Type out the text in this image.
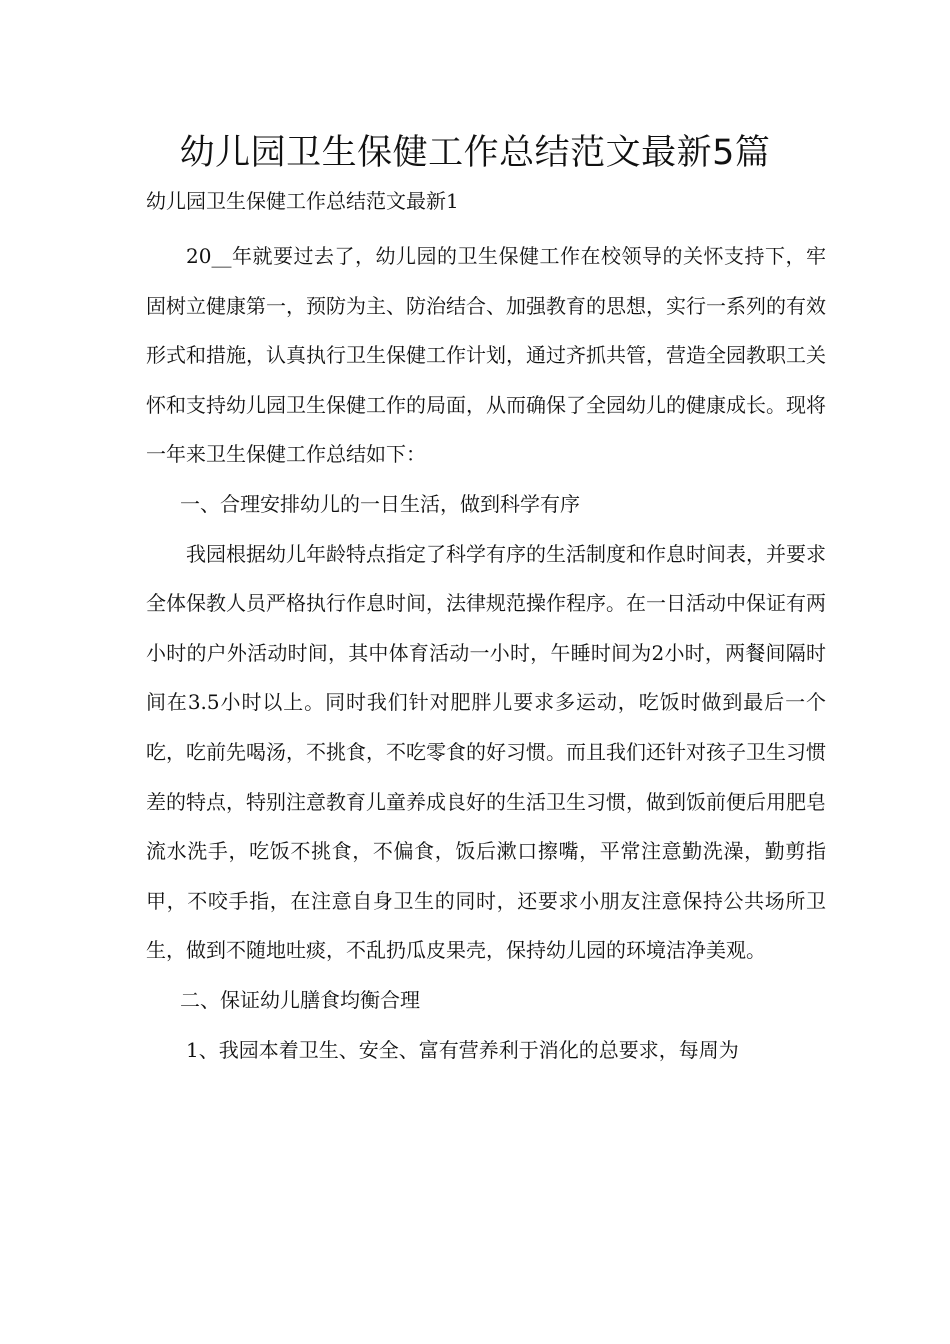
幼儿园卫生保健工作总结范文最新5篇

幼儿园卫生保健工作总结范文最新1

20__年就要过去了，幼儿园的卫生保健工作在校领导的关怀支持下，牢固树立健康第一，预防为主、防治结合、加强教育的思想，实行一系列的有效形式和措施，认真执行卫生保健工作计划，通过齐抓共管，营造全园教职工关怀和支持幼儿园卫生保健工作的局面，从而确保了全园幼儿的健康成长。现将一年来卫生保健工作总结如下：

一、合理安排幼儿的一日生活，做到科学有序

我园根据幼儿年龄特点指定了科学有序的生活制度和作息时间表，并要求全体保教人员严格执行作息时间，法律规范操作程序。在一日活动中保证有两小时的户外活动时间，其中体育活动一小时，午睡时间为2小时，两餐间隔时间在3.5小时以上。同时我们针对肥胖儿要求多运动，吃饭时做到最后一个吃，吃前先喝汤，不挑食，不吃零食的好习惯。而且我们还针对孩子卫生习惯差的特点，特别注意教育儿童养成良好的生活卫生习惯，做到饭前便后用肥皂流水洗手，吃饭不挑食，不偏食，饭后漱口擦嘴，平常注意勤洗澡，勤剪指甲，不咬手指，在注意自身卫生的同时，还要求小朋友注意保持公共场所卫生，做到不随地吐痰，不乱扔瓜皮果壳，保持幼儿园的环境洁净美观。

二、保证幼儿膳食均衡合理

1、我园本着卫生、安全、富有营养利于消化的总要求，每周为
